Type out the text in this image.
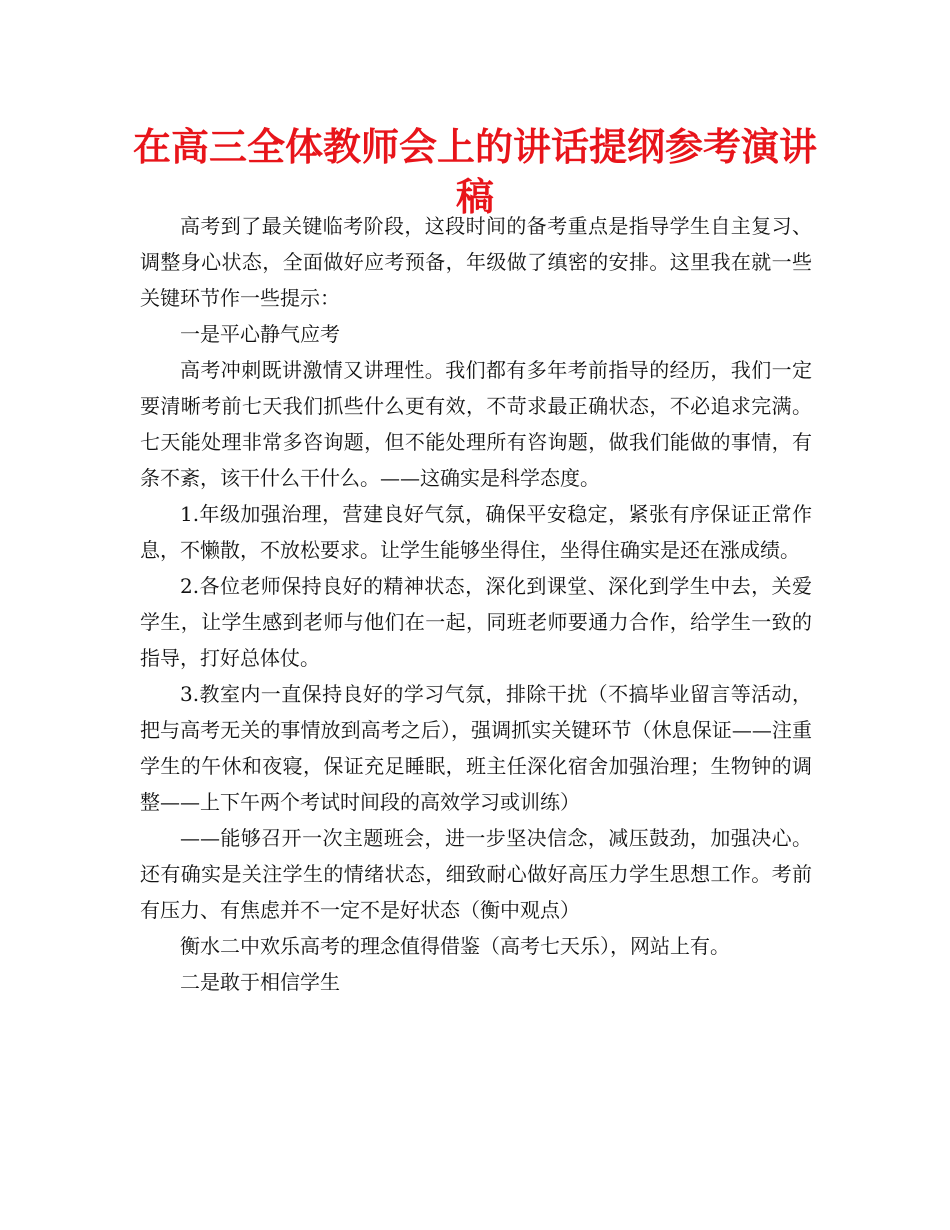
在高三全体教师会上的讲话提纲参考演讲稿

高考到了最关键临考阶段，这段时间的备考重点是指导学生自主复习、调整身心状态，全面做好应考预备，年级做了缜密的安排。这里我在就一些关键环节作一些提示：

一是平心静气应考

高考冲刺既讲激情又讲理性。我们都有多年考前指导的经历，我们一定要清晰考前七天我们抓些什么更有效，不苛求最正确状态，不必追求完满。七天能处理非常多咨询题，但不能处理所有咨询题，做我们能做的事情，有条不紊，该干什么干什么。——这确实是科学态度。

1.年级加强治理，营建良好气氛，确保平安稳定，紧张有序保证正常作息，不懒散，不放松要求。让学生能够坐得住，坐得住确实是还在涨成绩。

2.各位老师保持良好的精神状态，深化到课堂、深化到学生中去，关爱学生，让学生感到老师与他们在一起，同班老师要通力合作，给学生一致的指导，打好总体仗。

3.教室内一直保持良好的学习气氛，排除干扰（不搞毕业留言等活动，把与高考无关的事情放到高考之后），强调抓实关键环节（休息保证——注重学生的午休和夜寝，保证充足睡眠，班主任深化宿舍加强治理；生物钟的调整——上下午两个考试时间段的高效学习或训练）

——能够召开一次主题班会，进一步坚决信念，减压鼓劲，加强决心。还有确实是关注学生的情绪状态，细致耐心做好高压力学生思想工作。考前有压力、有焦虑并不一定不是好状态（衡中观点）

衡水二中欢乐高考的理念值得借鉴（高考七天乐），网站上有。

二是敢于相信学生
